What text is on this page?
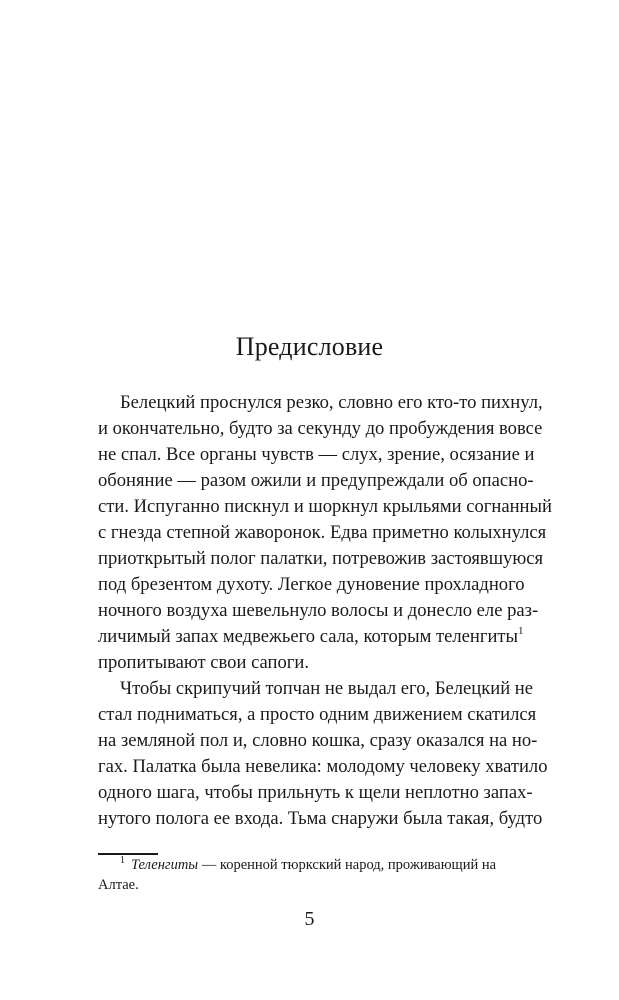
Предисловие
Белецкий проснулся резко, словно его кто-то пихнул,
и окончательно, будто за секунду до пробуждения вовсе
не спал. Все органы чувств — слух, зрение, осязание и
обоняние — разом ожили и предупреждали об опасно-
сти. Испуганно пискнул и шоркнул крыльями согнанный
с гнезда степной жаворонок. Едва приметно колыхнулся
приоткрытый полог палатки, потревожив застоявшуюся
под брезентом духоту. Легкое дуновение прохладного
ночного воздуха шевельнуло волосы и донесло еле раз-
личимый запах медвежьего сала, которым теленгиты$^1$
пропитывают свои сапоги.
Чтобы скрипучий топчан не выдал его, Белецкий не
стал подниматься, а просто одним движением скатился
на земляной пол и, словно кошка, сразу оказался на но-
гах. Палатка была невелика: молодому человеку хватило
одного шага, чтобы прильнуть к щели неплотно запах-
нутого полога ее входа. Тьма снаружи была такая, будто
$^1$ Теленгиты — коренной тюркский народ, проживающий на
Алтае.
5
